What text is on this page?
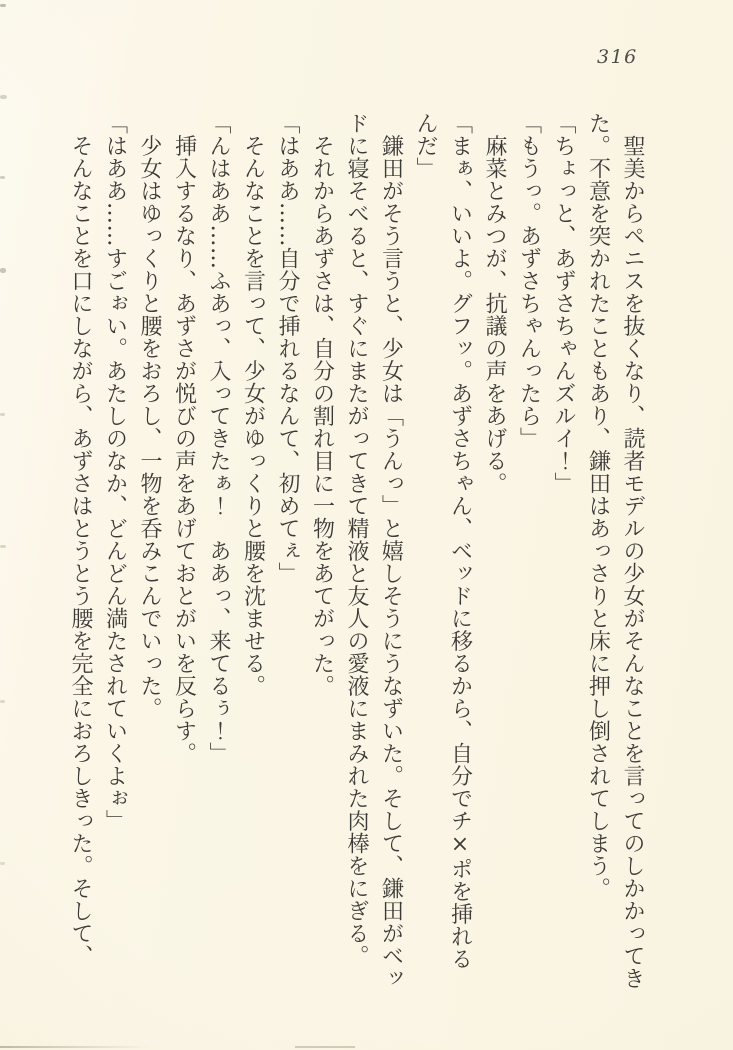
316

　聖美からペニスを抜くなり、読者モデルの少女がそんなことを言ってのしかかってきた。不意を突かれたこともあり、鎌田はあっさりと床に押し倒されてしまう。

「ちょっと、あずさちゃんズルイ！」

「もうっ。あずさちゃんったら」

　麻菜とみつが、抗議の声をあげる。

「まぁ、いいよ。グフッ。あずさちゃん、ベッドに移るから、自分でチ×ポを挿れるんだ」

　鎌田がそう言うと、少女は「うんっ」と嬉しそうにうなずいた。そして、鎌田がベッドに寝そべると、すぐにまたがってきて精液と友人の愛液にまみれた肉棒をにぎる。

　それからあずさは、自分の割れ目に一物をあてがった。

「はああ……自分で挿れるなんて、初めてぇ」

　そんなことを言って、少女がゆっくりと腰を沈ませる。

「んはああ……ふあっ、入ってきたぁ！　ああっ、来てるぅ！」

　挿入するなり、あずさが悦びの声をあげておとがいを反らす。

　少女はゆっくりと腰をおろし、一物を呑みこんでいった。

「はああ……すごぉい。あたしのなか、どんどん満たされていくよぉ」

　そんなことを口にしながら、あずさはとうとう腰を完全におろしきった。そして、
